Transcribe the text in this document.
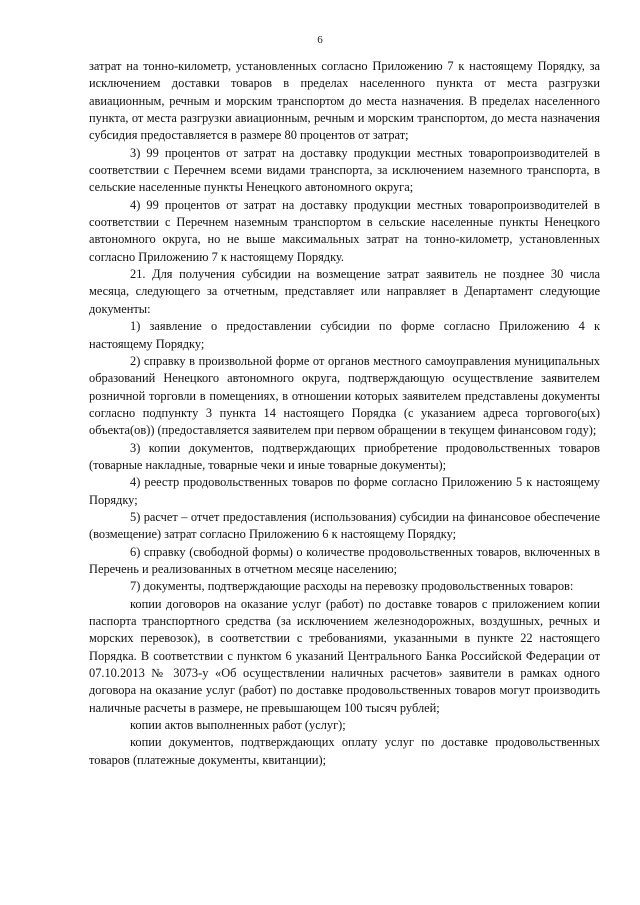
6

затрат на тонно-километр, установленных согласно Приложению 7 к настоящему Порядку, за исключением доставки товаров в пределах населенного пункта от места разгрузки авиационным, речным и морским транспортом до места назначения. В пределах населенного пункта, от места разгрузки авиационным, речным и морским транспортом, до места назначения субсидия предоставляется в размере 80 процентов от затрат;

3) 99 процентов от затрат на доставку продукции местных товаропроизводителей в соответствии с Перечнем всеми видами транспорта, за исключением наземного транспорта, в сельские населенные пункты Ненецкого автономного округа;

4) 99 процентов от затрат на доставку продукции местных товаропроизводителей в соответствии с Перечнем наземным транспортом в сельские населенные пункты Ненецкого автономного округа, но не выше максимальных затрат на тонно-километр, установленных согласно Приложению 7 к настоящему Порядку.

21. Для получения субсидии на возмещение затрат заявитель не позднее 30 числа месяца, следующего за отчетным, представляет или направляет в Департамент следующие документы:

1) заявление о предоставлении субсидии по форме согласно Приложению 4 к настоящему Порядку;

2) справку в произвольной форме от органов местного самоуправления муниципальных образований Ненецкого автономного округа, подтверждающую осуществление заявителем розничной торговли в помещениях, в отношении которых заявителем представлены документы согласно подпункту 3 пункта 14 настоящего Порядка (с указанием адреса торгового(ых) объекта(ов)) (предоставляется заявителем при первом обращении в текущем финансовом году);

3) копии документов, подтверждающих приобретение продовольственных товаров (товарные накладные, товарные чеки и иные товарные документы);

4) реестр продовольственных товаров по форме согласно Приложению 5 к настоящему Порядку;

5) расчет – отчет предоставления (использования) субсидии на финансовое обеспечение (возмещение) затрат согласно Приложению 6 к настоящему Порядку;

6) справку (свободной формы) о количестве продовольственных товаров, включенных в Перечень и реализованных в отчетном месяце населению;

7) документы, подтверждающие расходы на перевозку продовольственных товаров:

копии договоров на оказание услуг (работ) по доставке товаров с приложением копии паспорта транспортного средства (за исключением железнодорожных, воздушных, речных и морских перевозок), в соответствии с требованиями, указанными в пункте 22 настоящего Порядка. В соответствии с пунктом 6 указаний Центрального Банка Российской Федерации от 07.10.2013 № 3073-у «Об осуществлении наличных расчетов» заявители в рамках одного договора на оказание услуг (работ) по доставке продовольственных товаров могут производить наличные расчеты в размере, не превышающем 100 тысяч рублей;

копии актов выполненных работ (услуг);

копии документов, подтверждающих оплату услуг по доставке продовольственных товаров (платежные документы, квитанции);
